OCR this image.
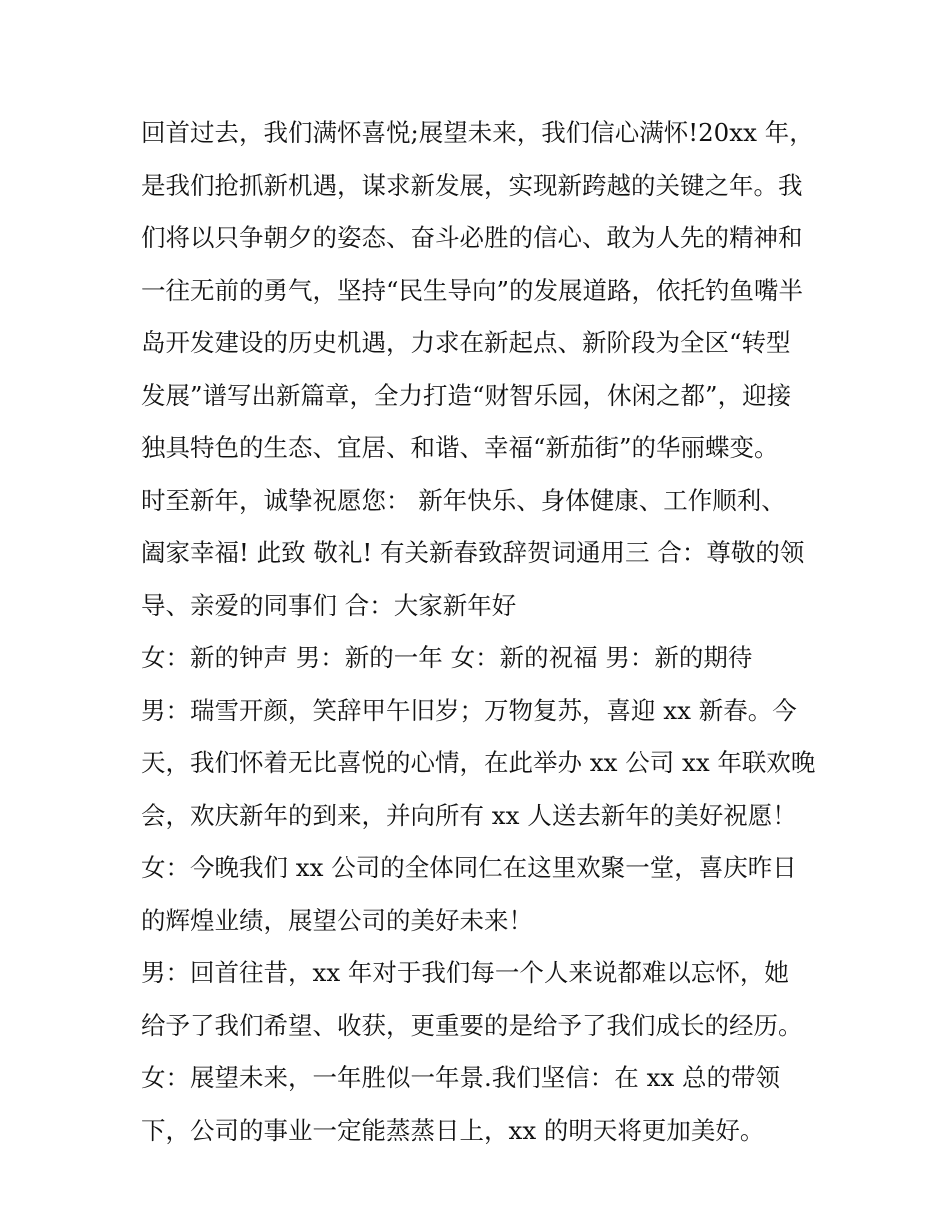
回首过去，我们满怀喜悦;展望未来，我们信心满怀!20xx 年，
是我们抢抓新机遇，谋求新发展，实现新跨越的关键之年。我
们将以只争朝夕的姿态、奋斗必胜的信心、敢为人先的精神和
一往无前的勇气，坚持“民生导向”的发展道路，依托钓鱼嘴半
岛开发建设的历史机遇，力求在新起点、新阶段为全区“转型
发展”谱写出新篇章，全力打造“财智乐园，休闲之都”，迎接
独具特色的生态、宜居、和谐、幸福“新茄街”的华丽蝶变。
时至新年，诚挚祝愿您： 新年快乐、身体健康、工作顺利、
阖家幸福! 此致 敬礼! 有关新春致辞贺词通用三 合：尊敬的领
导、亲爱的同事们 合：大家新年好
女：新的钟声 男：新的一年 女：新的祝福 男：新的期待
男：瑞雪开颜，笑辞甲午旧岁；万物复苏，喜迎 xx 新春。今
天，我们怀着无比喜悦的心情，在此举办 xx 公司 xx 年联欢晚
会，欢庆新年的到来，并向所有 xx 人送去新年的美好祝愿！
女：今晚我们 xx 公司的全体同仁在这里欢聚一堂，喜庆昨日
的辉煌业绩，展望公司的美好未来！
男：回首往昔，xx 年对于我们每一个人来说都难以忘怀，她
给予了我们希望、收获，更重要的是给予了我们成长的经历。
女：展望未来，一年胜似一年景.我们坚信：在 xx 总的带领
下，公司的事业一定能蒸蒸日上，xx 的明天将更加美好。
